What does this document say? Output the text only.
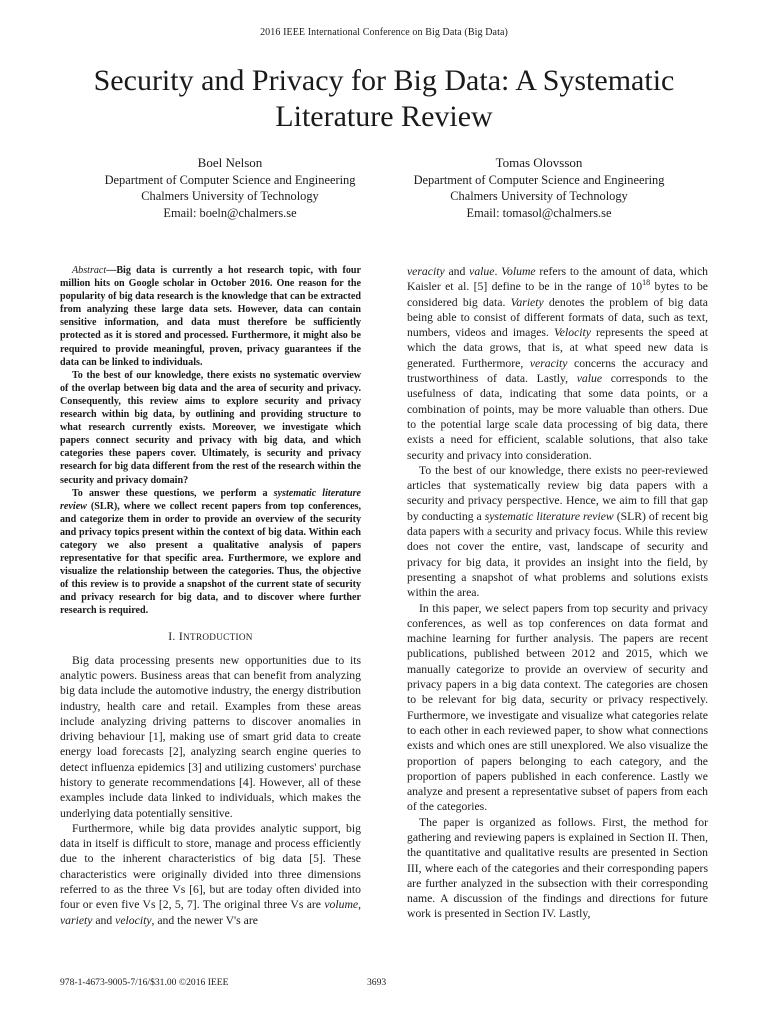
2016 IEEE International Conference on Big Data (Big Data)
Security and Privacy for Big Data: A Systematic Literature Review
Boel Nelson
Department of Computer Science and Engineering
Chalmers University of Technology
Email: boeln@chalmers.se
Tomas Olovsson
Department of Computer Science and Engineering
Chalmers University of Technology
Email: tomasol@chalmers.se

Abstract—Big data is currently a hot research topic, with four million hits on Google scholar in October 2016. One reason for the popularity of big data research is the knowledge that can be extracted from analyzing these large data sets. However, data can contain sensitive information, and data must therefore be sufficiently protected as it is stored and processed. Furthermore, it might also be required to provide meaningful, proven, privacy guarantees if the data can be linked to individuals.

To the best of our knowledge, there exists no systematic overview of the overlap between big data and the area of security and privacy. Consequently, this review aims to explore security and privacy research within big data, by outlining and providing structure to what research currently exists. Moreover, we investigate which papers connect security and privacy with big data, and which categories these papers cover. Ultimately, is security and privacy research for big data different from the rest of the research within the security and privacy domain?

To answer these questions, we perform a systematic literature review (SLR), where we collect recent papers from top conferences, and categorize them in order to provide an overview of the security and privacy topics present within the context of big data. Within each category we also present a qualitative analysis of papers representative for that specific area. Furthermore, we explore and visualize the relationship between the categories. Thus, the objective of this review is to provide a snapshot of the current state of security and privacy research for big data, and to discover where further research is required.

I. INTRODUCTION

Big data processing presents new opportunities due to its analytic powers. Business areas that can benefit from analyzing big data include the automotive industry, the energy distribution industry, health care and retail. Examples from these areas include analyzing driving patterns to discover anomalies in driving behaviour [1], making use of smart grid data to create energy load forecasts [2], analyzing search engine queries to detect influenza epidemics [3] and utilizing customers' purchase history to generate recommendations [4]. However, all of these examples include data linked to individuals, which makes the underlying data potentially sensitive.

Furthermore, while big data provides analytic support, big data in itself is difficult to store, manage and process efficiently due to the inherent characteristics of big data [5]. These characteristics were originally divided into three dimensions referred to as the three Vs [6], but are today often divided into four or even five Vs [2, 5, 7]. The original three Vs are volume, variety and velocity, and the newer V's are

veracity and value. Volume refers to the amount of data, which Kaisler et al. [5] define to be in the range of $10^{18}$ bytes to be considered big data. Variety denotes the problem of big data being able to consist of different formats of data, such as text, numbers, videos and images. Velocity represents the speed at which the data grows, that is, at what speed new data is generated. Furthermore, veracity concerns the accuracy and trustworthiness of data. Lastly, value corresponds to the usefulness of data, indicating that some data points, or a combination of points, may be more valuable than others. Due to the potential large scale data processing of big data, there exists a need for efficient, scalable solutions, that also take security and privacy into consideration.

To the best of our knowledge, there exists no peer-reviewed articles that systematically review big data papers with a security and privacy perspective. Hence, we aim to fill that gap by conducting a systematic literature review (SLR) of recent big data papers with a security and privacy focus. While this review does not cover the entire, vast, landscape of security and privacy for big data, it provides an insight into the field, by presenting a snapshot of what problems and solutions exists within the area.

In this paper, we select papers from top security and privacy conferences, as well as top conferences on data format and machine learning for further analysis. The papers are recent publications, published between 2012 and 2015, which we manually categorize to provide an overview of security and privacy papers in a big data context. The categories are chosen to be relevant for big data, security or privacy respectively. Furthermore, we investigate and visualize what categories relate to each other in each reviewed paper, to show what connections exists and which ones are still unexplored. We also visualize the proportion of papers belonging to each category, and the proportion of papers published in each conference. Lastly we analyze and present a representative subset of papers from each of the categories.

The paper is organized as follows. First, the method for gathering and reviewing papers is explained in Section II. Then, the quantitative and qualitative results are presented in Section III, where each of the categories and their corresponding papers are further analyzed in the subsection with their corresponding name. A discussion of the findings and directions for future work is presented in Section IV. Lastly,

978-1-4673-9005-7/16/$31.00 ©2016 IEEE	3693
